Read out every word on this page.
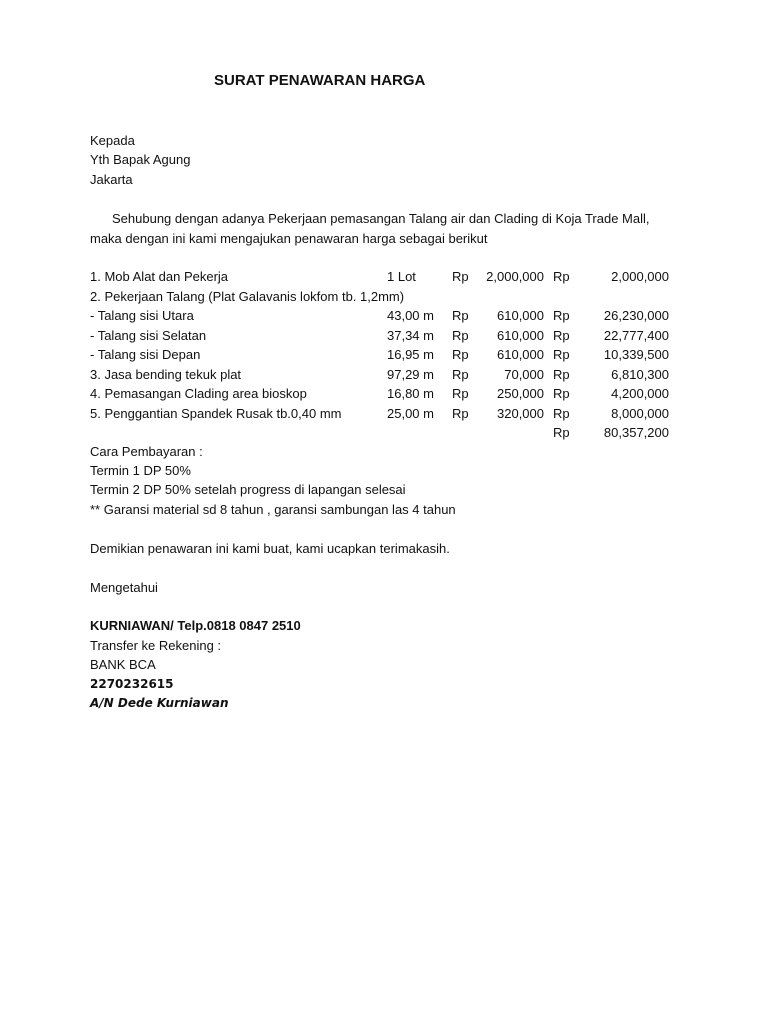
SURAT PENAWARAN HARGA
Kepada
Yth Bapak Agung
Jakarta
Sehubung dengan adanya Pekerjaan pemasangan Talang air dan Clading di Koja Trade Mall,
maka dengan ini kami mengajukan penawaran harga sebagai berikut
1. Mob Alat dan Pekerja	1 Lot	Rp 2,000,000 Rp	2,000,000
2. Pekerjaan Talang (Plat Galavanis lokfom tb. 1,2mm)
- Talang sisi Utara	43,00 m Rp 610,000 Rp	26,230,000
- Talang sisi Selatan	37,34 m Rp 610,000 Rp	22,777,400
- Talang sisi Depan	16,95 m Rp 610,000 Rp	10,339,500
3. Jasa bending tekuk plat	97,29 m Rp	70,000 Rp	6,810,300
4. Pemasangan Clading area bioskop	16,80 m Rp 250,000 Rp	4,200,000
5. Penggantian Spandek Rusak tb.0,40 mm	25,00 m Rp 320,000 Rp	8,000,000
Rp	80,357,200
Cara Pembayaran :
Termin 1 DP 50%
Termin 2 DP 50% setelah progress di lapangan selesai
** Garansi material sd 8 tahun , garansi sambungan las 4 tahun
Demikian penawaran ini kami buat, kami ucapkan terimakasih.
Mengetahui
KURNIAWAN/ Telp.0818 0847 2510
Transfer ke Rekening :
BANK BCA
2270232615
A/N Dede Kurniawan
